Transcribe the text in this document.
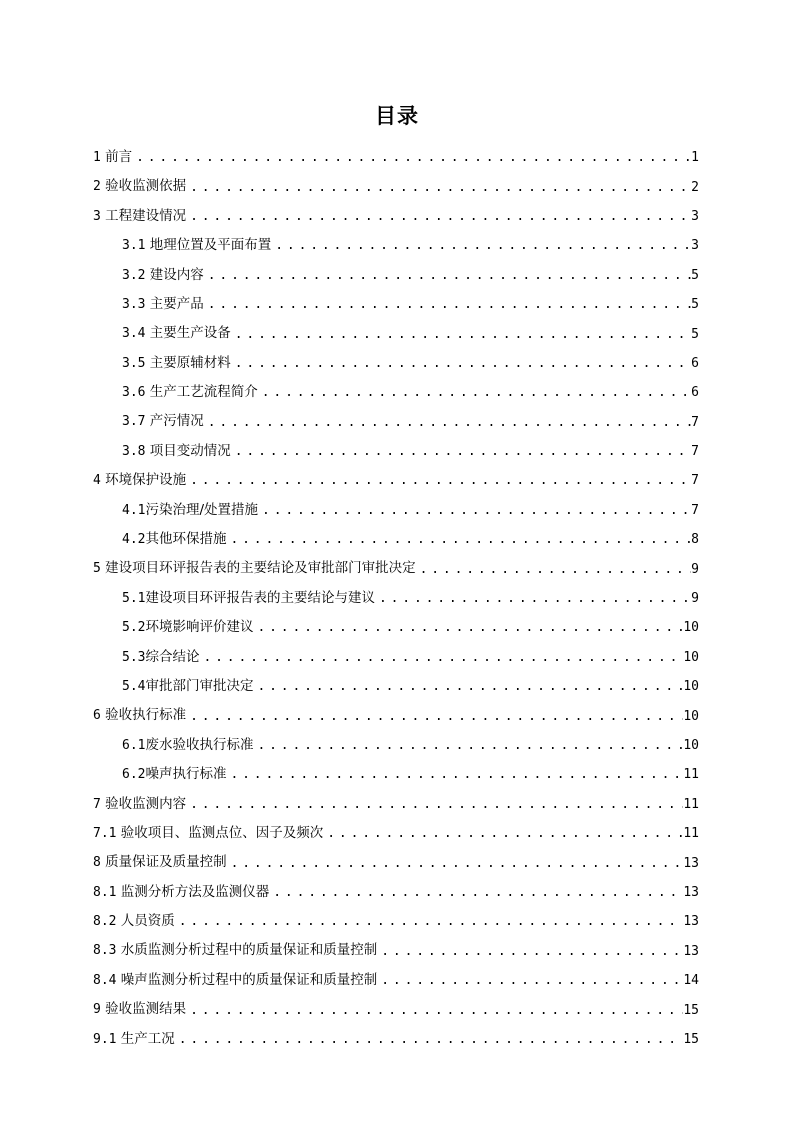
目录
1 前言 . . .	1
2 验收监测依据 . . .	2
3 工程建设情况 . . .	3
3.1 地理位置及平面布置 . . .	3
3.2 建设内容 . . .	5
3.3 主要产品 . . .	5
3.4 主要生产设备 . . .	5
3.5 主要原辅材料 . . .	6
3.6 生产工艺流程简介 . . .	6
3.7 产污情况 . . .	7
3.8 项目变动情况 . . .	7
4 环境保护设施 . . .	7
4.1污染治理/处置措施 . . .	7
4.2其他环保措施 . . .	8
5 建设项目环评报告表的主要结论及审批部门审批决定 . . .	9
5.1建设项目环评报告表的主要结论与建议 . . .	9
5.2环境影响评价建议 . . .	10
5.3综合结论 . . .	10
5.4审批部门审批决定 . . .	10
6 验收执行标准 . . .	10
6.1废水验收执行标准 . . .	10
6.2噪声执行标准 . . .	11
7 验收监测内容 . . .	11
7.1 验收项目、监测点位、因子及频次 . . .	11
8 质量保证及质量控制 . . .	13
8.1 监测分析方法及监测仪器 . . .	13
8.2 人员资质 . . .	13
8.3 水质监测分析过程中的质量保证和质量控制 . . .	13
8.4 噪声监测分析过程中的质量保证和质量控制 . . .	14
9 验收监测结果 . . .	15
9.1 生产工况 . . .	15
